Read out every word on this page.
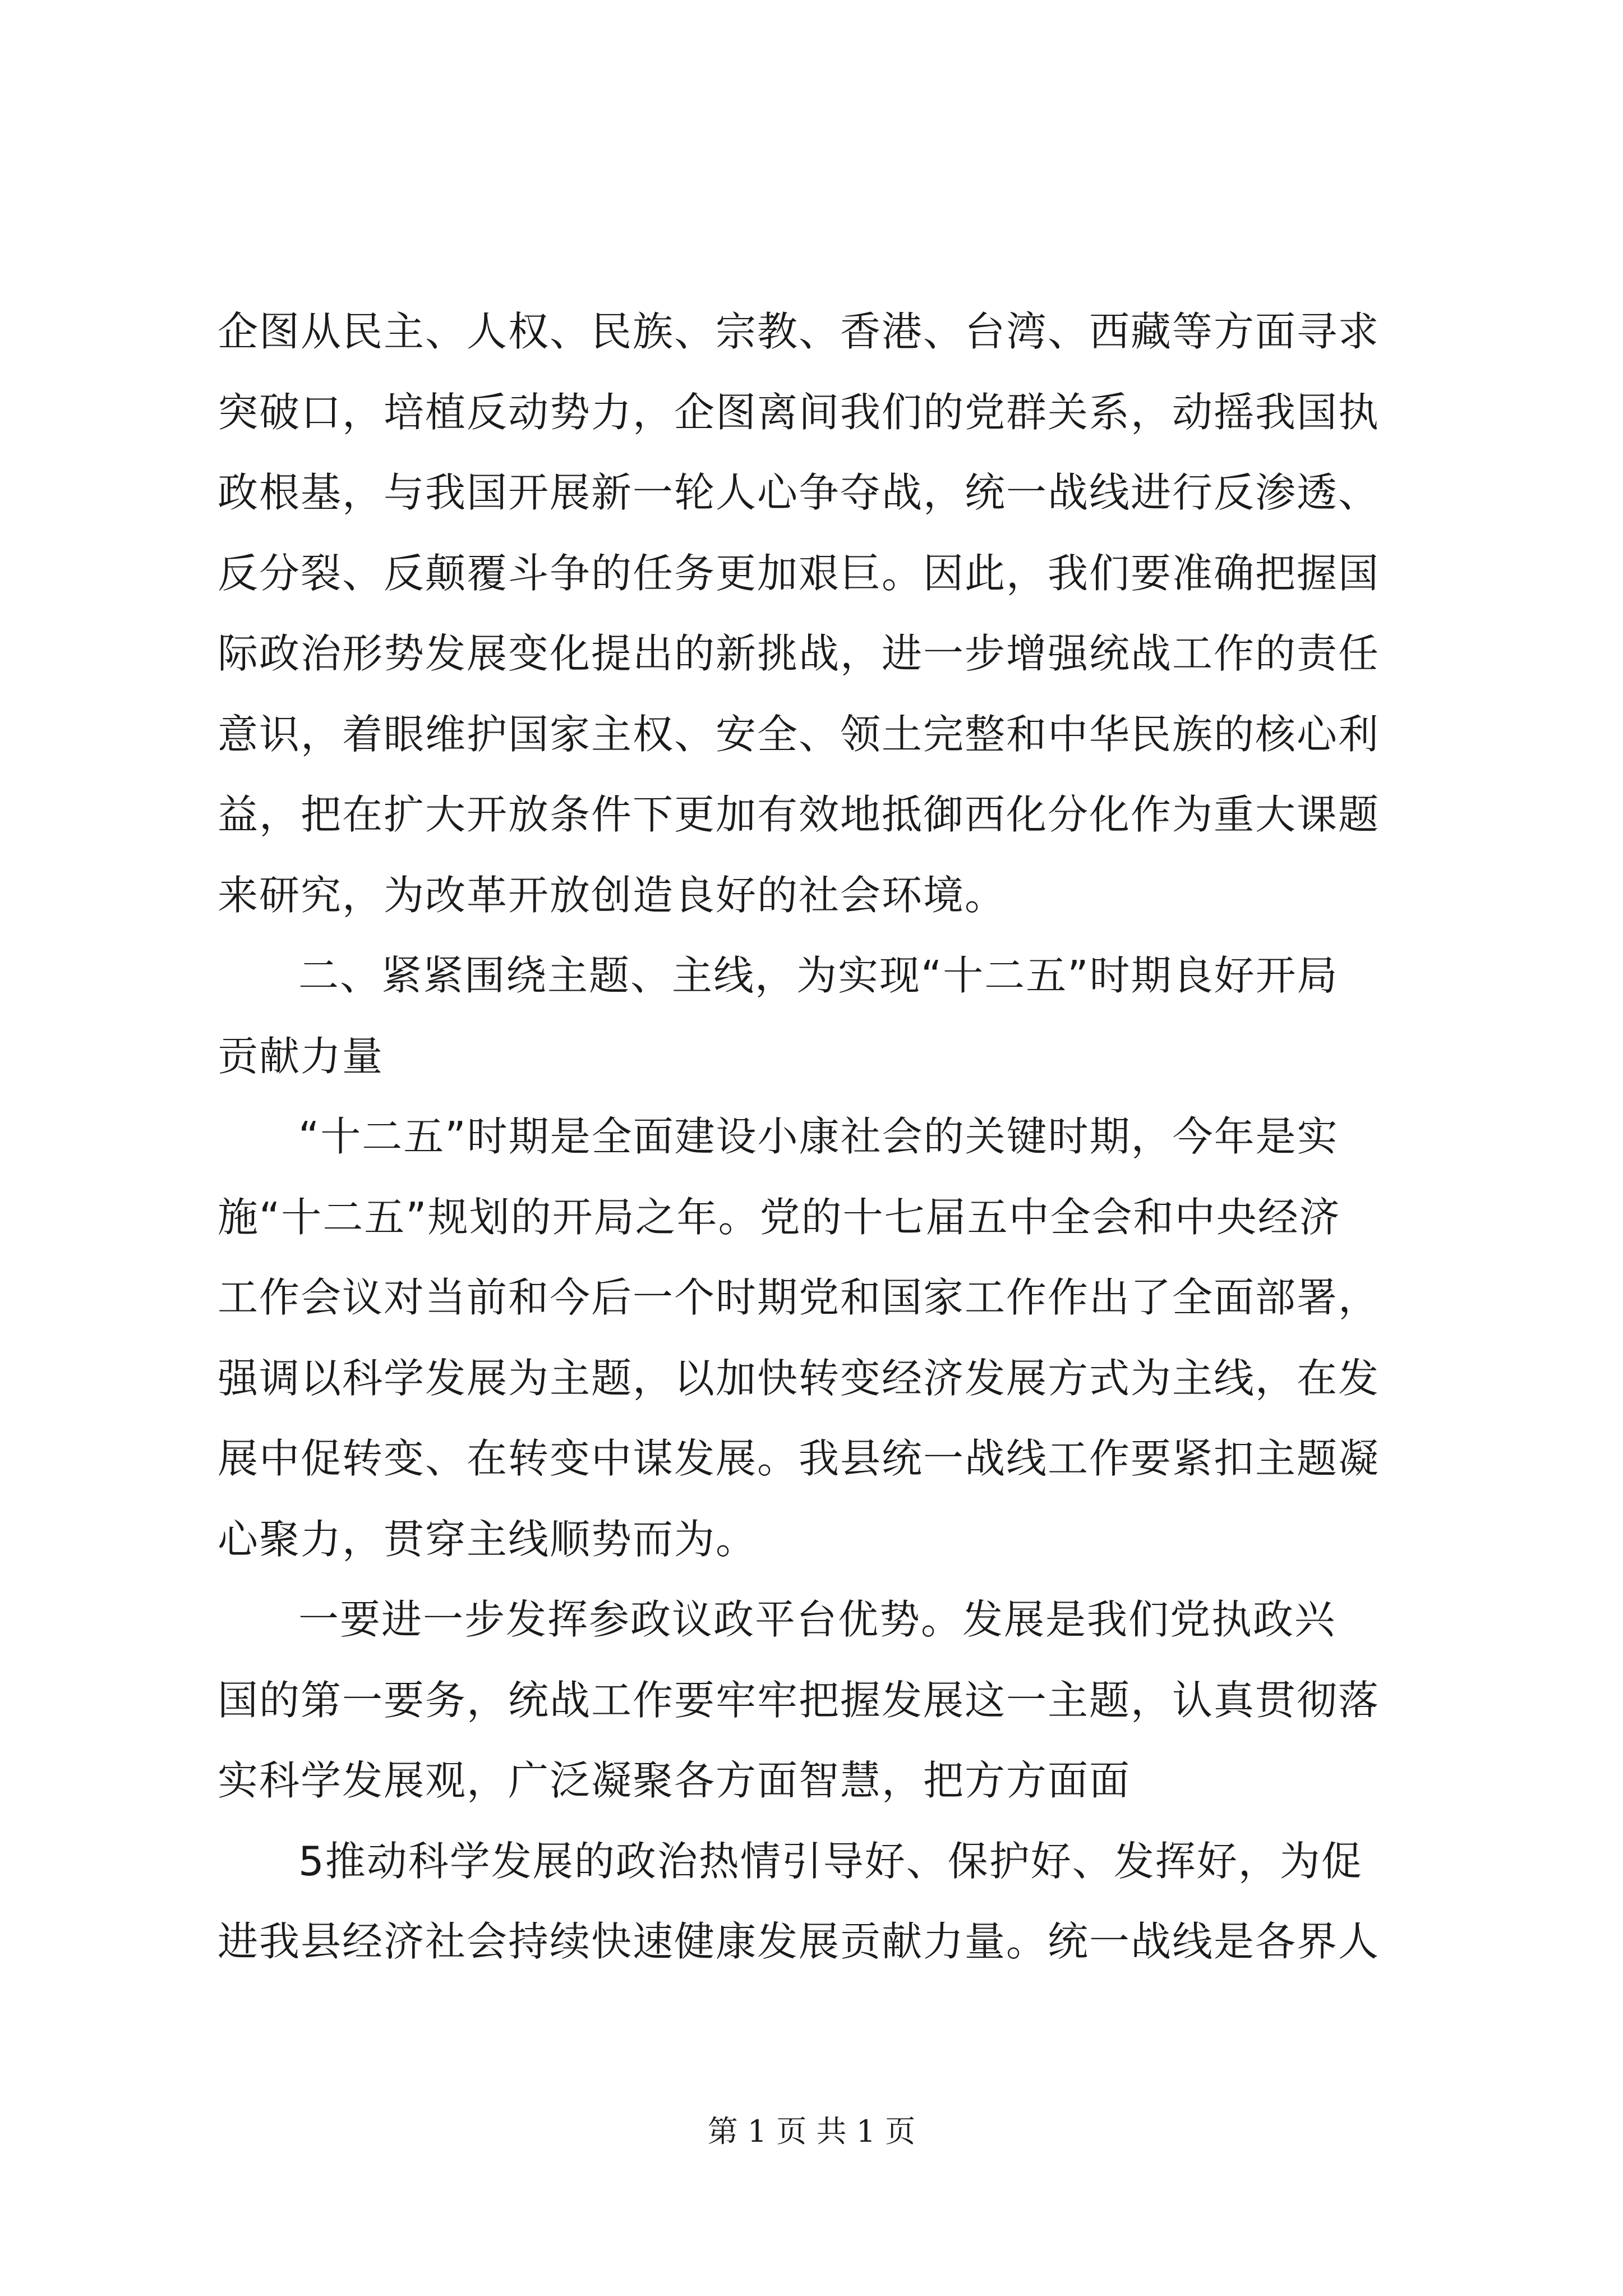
企图从民主、人权、民族、宗教、香港、台湾、西藏等方面寻求
突破口，培植反动势力，企图离间我们的党群关系，动摇我国执
政根基，与我国开展新一轮人心争夺战，统一战线进行反渗透、
反分裂、反颠覆斗争的任务更加艰巨。因此，我们要准确把握国
际政治形势发展变化提出的新挑战，进一步增强统战工作的责任
意识，着眼维护国家主权、安全、领土完整和中华民族的核心利
益，把在扩大开放条件下更加有效地抵御西化分化作为重大课题
来研究，为改革开放创造良好的社会环境。
二、紧紧围绕主题、主线，为实现“十二五”时期良好开局
贡献力量
“十二五”时期是全面建设小康社会的关键时期，今年是实
施“十二五”规划的开局之年。党的十七届五中全会和中央经济
工作会议对当前和今后一个时期党和国家工作作出了全面部署，
强调以科学发展为主题，以加快转变经济发展方式为主线，在发
展中促转变、在转变中谋发展。我县统一战线工作要紧扣主题凝
心聚力，贯穿主线顺势而为。
一要进一步发挥参政议政平台优势。发展是我们党执政兴
国的第一要务，统战工作要牢牢把握发展这一主题，认真贯彻落
实科学发展观，广泛凝聚各方面智慧，把方方面面
5推动科学发展的政治热情引导好、保护好、发挥好，为促
进我县经济社会持续快速健康发展贡献力量。统一战线是各界人
第 1 页 共 1 页
